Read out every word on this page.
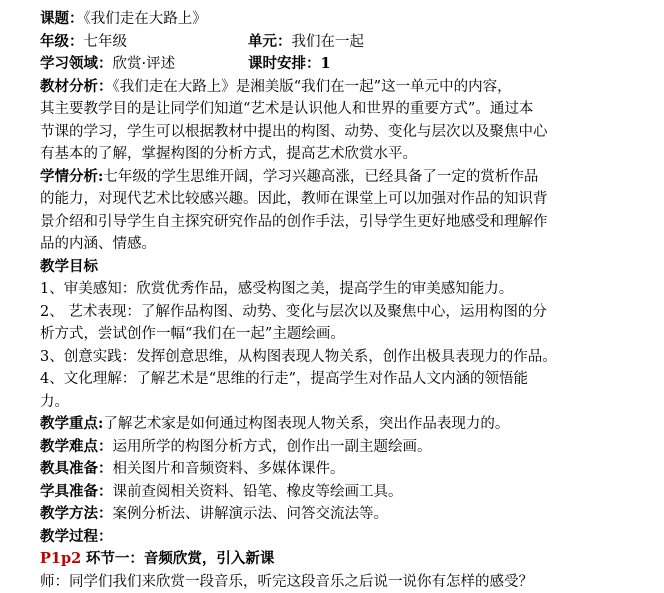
课题：《我们走在大路上》
年级：七年级	单元：我们在一起
学习领域：欣赏·评述	课时安排：1
教材分析：《我们走在大路上》是湘美版“我们在一起”这一单元中的内容，
其主要教学目的是让同学们知道“艺术是认识他人和世界的重要方式”。通过本
节课的学习，学生可以根据教材中提出的构图、动势、变化与层次以及聚焦中心
有基本的了解，掌握构图的分析方式，提高艺术欣赏水平。
学情分析:七年级的学生思维开阔，学习兴趣高涨，已经具备了一定的赏析作品
的能力，对现代艺术比较感兴趣。因此，教师在课堂上可以加强对作品的知识背
景介绍和引导学生自主探究研究作品的创作手法，引导学生更好地感受和理解作
品的内涵、情感。
教学目标
1、审美感知：欣赏优秀作品，感受构图之美，提高学生的审美感知能力。
2、 艺术表现：了解作品构图、动势、变化与层次以及聚焦中心，运用构图的分
析方式，尝试创作一幅“我们在一起”主题绘画。
3、创意实践：发挥创意思维，从构图表现人物关系，创作出极具表现力的作品。
4、文化理解：了解艺术是“思维的行走”，提高学生对作品人文内涵的领悟能
力。
教学重点:了解艺术家是如何通过构图表现人物关系，突出作品表现力的。
教学难点：运用所学的构图分析方式，创作出一副主题绘画。
教具准备：相关图片和音频资料、多媒体课件。
学具准备：课前查阅相关资料、铅笔、橡皮等绘画工具。
教学方法：案例分析法、讲解演示法、问答交流法等。
教学过程：
P1p2 环节一：音频欣赏，引入新课
师：同学们我们来欣赏一段音乐，听完这段音乐之后说一说你有怎样的感受？
